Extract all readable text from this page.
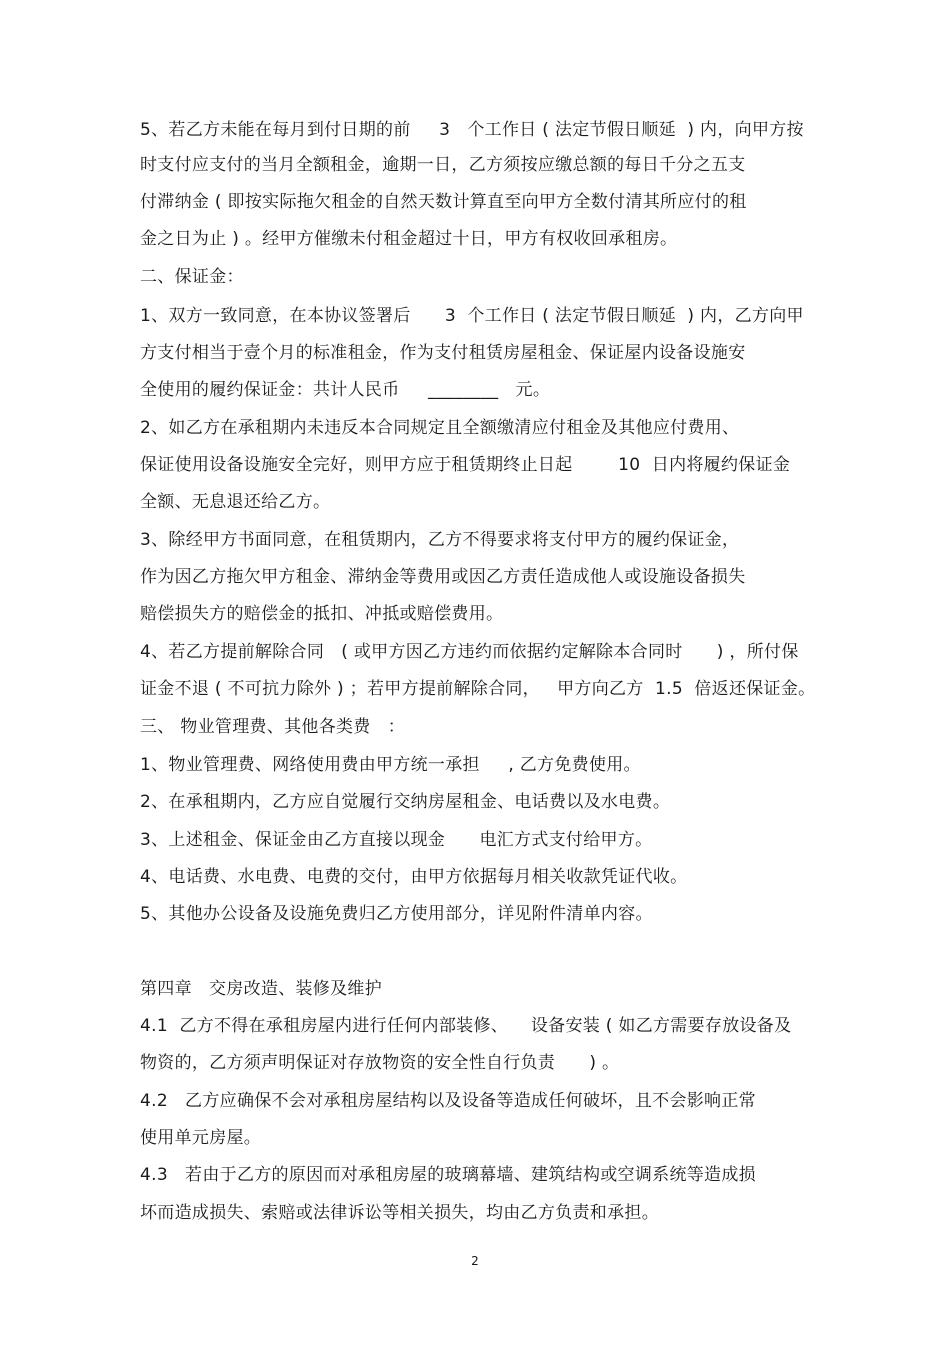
5、若乙方未能在每月到付日期的前     3   个工作日 ( 法定节假日顺延  ) 内，向甲方按
时支付应支付的当月全额租金，逾期一日，乙方须按应缴总额的每日千分之五支
付滞纳金 ( 即按实际拖欠租金的自然天数计算直至向甲方全数付清其所应付的租
金之日为止 ) 。经甲方催缴未付租金超过十日，甲方有权收回承租房。
二、保证金：
1、双方一致同意，在本协议签署后      3  个工作日 ( 法定节假日顺延  ) 内，乙方向甲
方支付相当于壹个月的标准租金，作为支付租赁房屋租金、保证屋内设备设施安
全使用的履约保证金：共计人民币     ________   元。
2、如乙方在承租期内未违反本合同规定且全额缴清应付租金及其他应付费用、
保证使用设备设施安全完好，则甲方应于租赁期终止日起        10  日内将履约保证金
全额、无息退还给乙方。
3、除经甲方书面同意，在租赁期内，乙方不得要求将支付甲方的履约保证金，
作为因乙方拖欠甲方租金、滞纳金等费用或因乙方责任造成他人或设施设备损失
赔偿损失方的赔偿金的抵扣、冲抵或赔偿费用。
4、若乙方提前解除合同   ( 或甲方因乙方违约而依据约定解除本合同时      ) ，所付保
证金不退 ( 不可抗力除外 ) ；若甲方提前解除合同，   甲方向乙方  1.5  倍返还保证金。
三、 物业管理费、其他各类费   ：
1、物业管理费、网络使用费由甲方统一承担     , 乙方免费使用。
2、在承租期内，乙方应自觉履行交纳房屋租金、电话费以及水电费。
3、上述租金、保证金由乙方直接以现金      电汇方式支付给甲方。
4、电话费、水电费、电费的交付，由甲方依据每月相关收款凭证代收。
5、其他办公设备及设施免费归乙方使用部分，详见附件清单内容。
第四章   交房改造、装修及维护
4.1  乙方不得在承租房屋内进行任何内部装修、    设备安装 ( 如乙方需要存放设备及
物资的，乙方须声明保证对存放物资的安全性自行负责      ) 。
4.2   乙方应确保不会对承租房屋结构以及设备等造成任何破坏，且不会影响正常
使用单元房屋。
4.3   若由于乙方的原因而对承租房屋的玻璃幕墙、建筑结构或空调系统等造成损
坏而造成损失、索赔或法律诉讼等相关损失，均由乙方负责和承担。
2
